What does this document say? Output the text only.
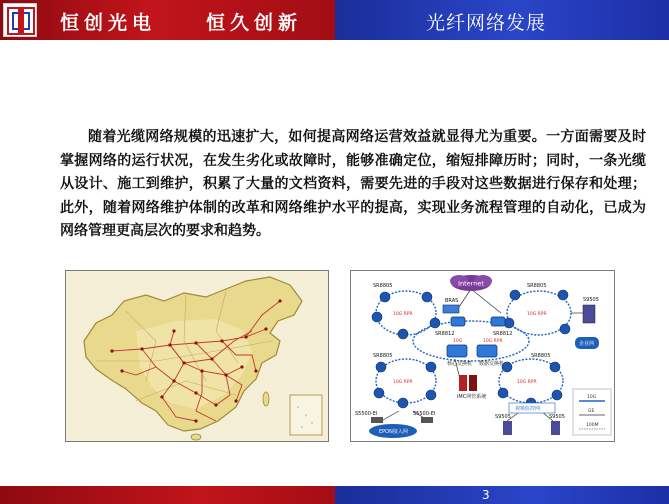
恒创光电	恒久创新	光纤网络发展

随着光缆网络规模的迅速扩大，如何提高网络运营效益就显得尤为重要。一方面需要及时掌握网络的运行状况，在发生劣化或故障时，能够准确定位，缩短排障历时；同时，一条光缆从设计、施工到维护，积累了大量的文档资料，需要先进的手段对这些数据进行保存和处理；此外，随着网络维护体制的改革和网络维护水平的提高，实现业务流程管理的自动化，已成为网络管理更高层次的要求和趋势。

Internet
SR8805	SR8805
BRAS
SR8812	SR8812
SR8805	SR8805
S9505
企业网
核心交换机 数据交换机
iMC网管系统
S5500-EI	S5500-EI
EPON接入网
S9505	S9505
视频监控网
10G RPR	10G RPR
10G	10G RPR
10G RPR	10G RPR
10G
GE
100M
3
